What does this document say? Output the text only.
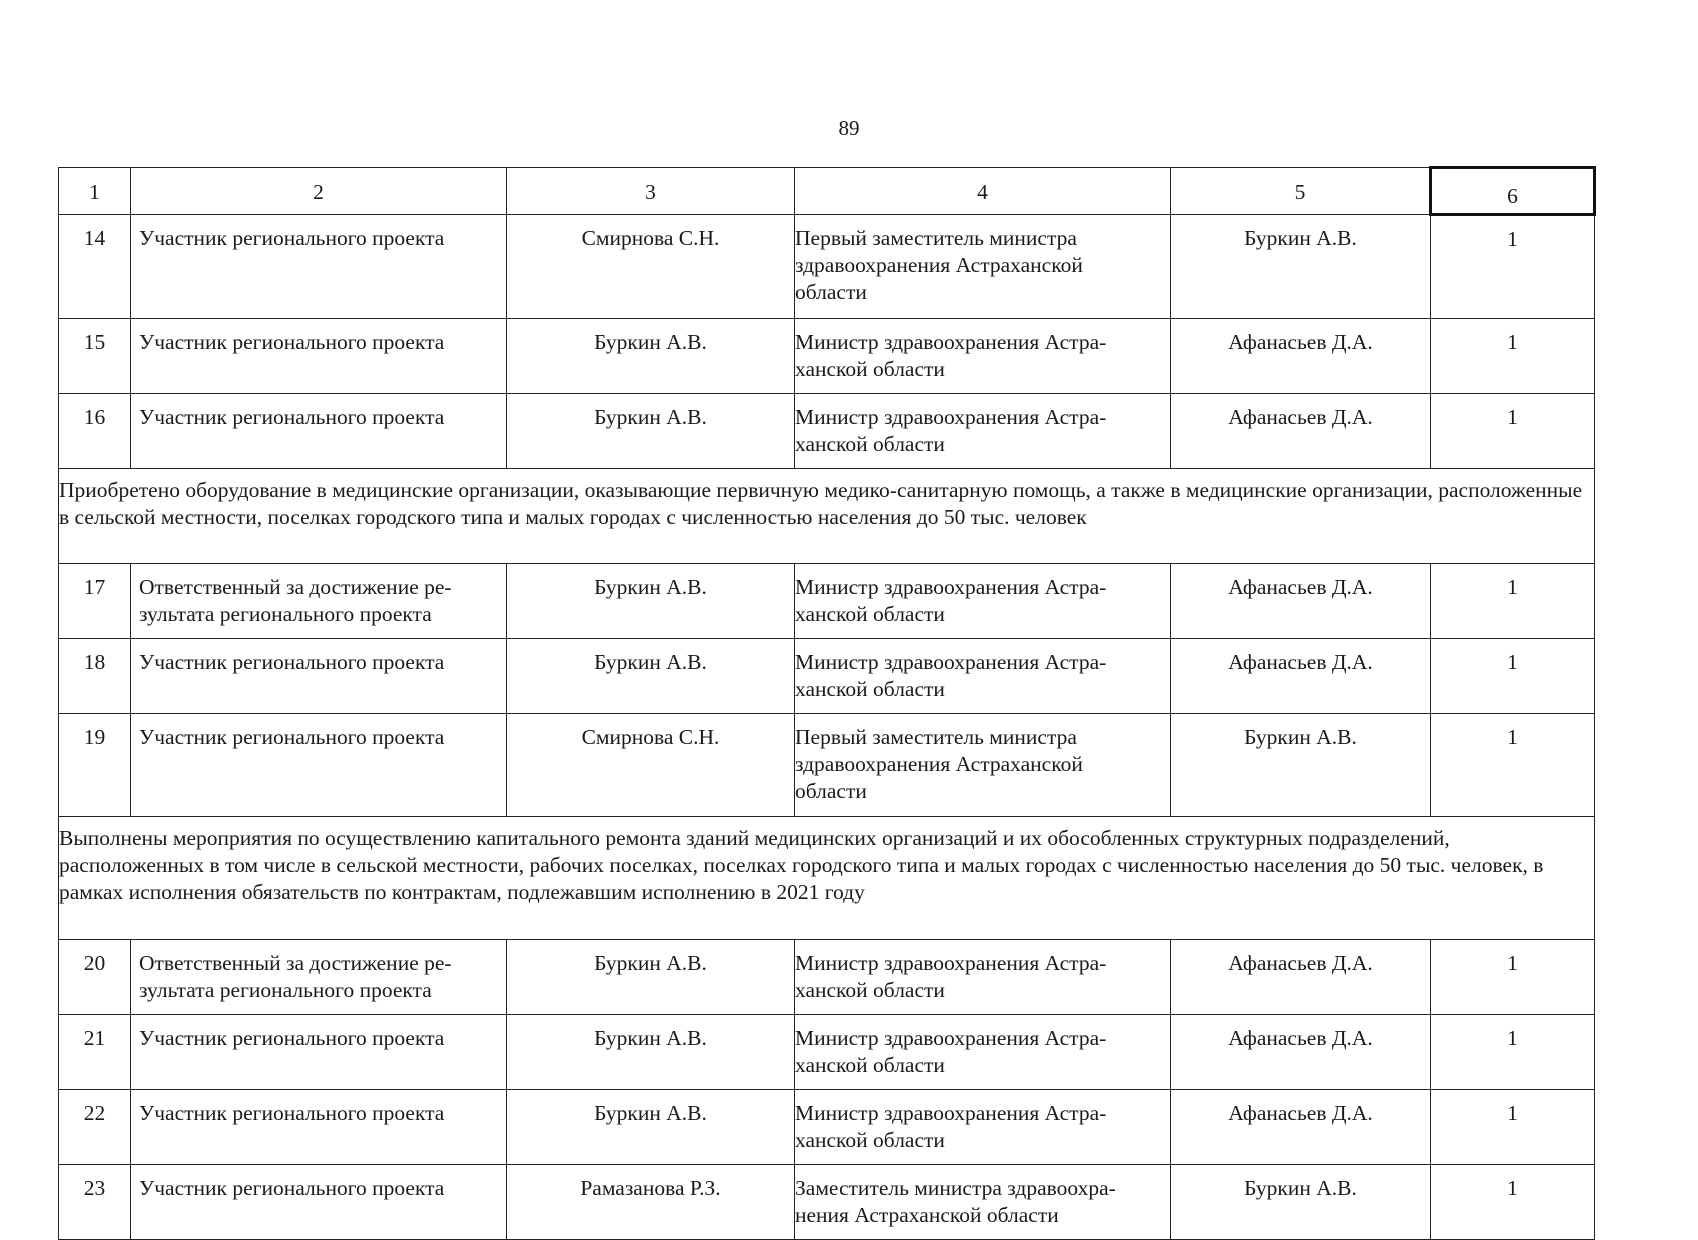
89
1	2	3	4	5	6
14	Участник регионального проекта	Смирнова С.Н.	Первый заместитель министра
здравоохранения Астраханской
области	Буркин А.В.	1
15	Участник регионального проекта	Буркин А.В.	Министр здравоохранения Астра-
ханской области	Афанасьев Д.А.	1
16	Участник регионального проекта	Буркин А.В.	Министр здравоохранения Астра-
ханской области	Афанасьев Д.А.	1
Приобретено оборудование в медицинские организации, оказывающие первичную медико-санитарную помощь, а также в медицинские организации, расположенные в сельской местности, поселках городского типа и малых городах с численностью населения до 50 тыс. человек					
17	Ответственный за достижение ре-
зультата регионального проекта	Буркин А.В.	Министр здравоохранения Астра-
ханской области	Афанасьев Д.А.	1
18	Участник регионального проекта	Буркин А.В.	Министр здравоохранения Астра-
ханской области	Афанасьев Д.А.	1
19	Участник регионального проекта	Смирнова С.Н.	Первый заместитель министра
здравоохранения Астраханской
области	Буркин А.В.	1
Выполнены мероприятия по осуществлению капитального ремонта зданий медицинских организаций и их обособленных структурных подразделений, расположенных в том числе в сельской местности, рабочих поселках, поселках городского типа и малых городах с численностью населения до 50 тыс. человек, в рамках исполнения обязательств по контрактам, подлежавшим исполнению в 2021 году					
20	Ответственный за достижение ре-
зультата регионального проекта	Буркин А.В.	Министр здравоохранения Астра-
ханской области	Афанасьев Д.А.	1
21	Участник регионального проекта	Буркин А.В.	Министр здравоохранения Астра-
ханской области	Афанасьев Д.А.	1
22	Участник регионального проекта	Буркин А.В.	Министр здравоохранения Астра-
ханской области	Афанасьев Д.А.	1
23	Участник регионального проекта	Рамазанова Р.З.	Заместитель министра здравоохра-
нения Астраханской области	Буркин А.В.	1
